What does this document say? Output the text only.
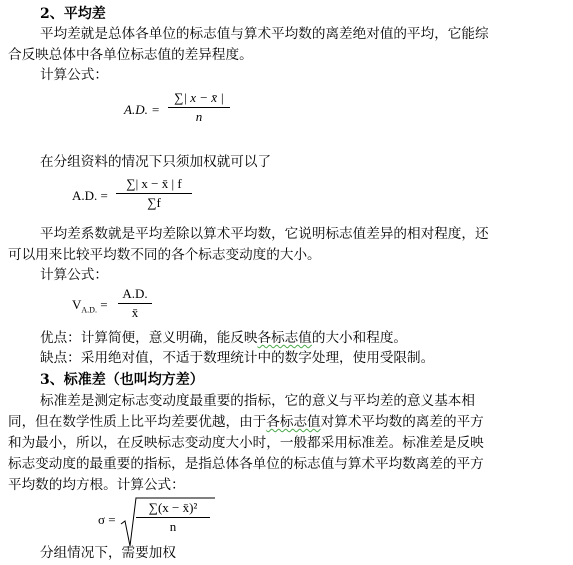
2、平均差
平均差就是总体各单位的标志值与算术平均数的离差绝对值的平均，它能综
合反映总体中各单位标志值的差异程度。
计算公式：
A.D. = $\frac{\sum| x - x̄ |}{n}$
在分组资料的情况下只须加权就可以了
A.D. = $\frac{\sum| x - x̄ | f}{\sum f}$
平均差系数就是平均差除以算术平均数，它说明标志值差异的相对程度，还
可以用来比较平均数不同的各个标志变动度的大小。
计算公式：
$V_{A.D.} = \frac{A.D.}{x̄}$
优点：计算简便，意义明确，能反映各标志值的大小和程度。
缺点：采用绝对值，不适于数理统计中的数字处理，使用受限制。
3、标准差（也叫均方差）
标准差是测定标志变动度最重要的指标，它的意义与平均差的意义基本相
同，但在数学性质上比平均差要优越，由于各标志值对算术平均数的离差的平方
和为最小，所以，在反映标志变动度大小时，一般都采用标准差。标准差是反映
标志变动度的最重要的指标，是指总体各单位的标志值与算术平均数离差的平方
平均数的均方根。计算公式：
$\sigma = \frac{\text{∑(x − x̄)²}}{n}$
分组情况下，需要加权
